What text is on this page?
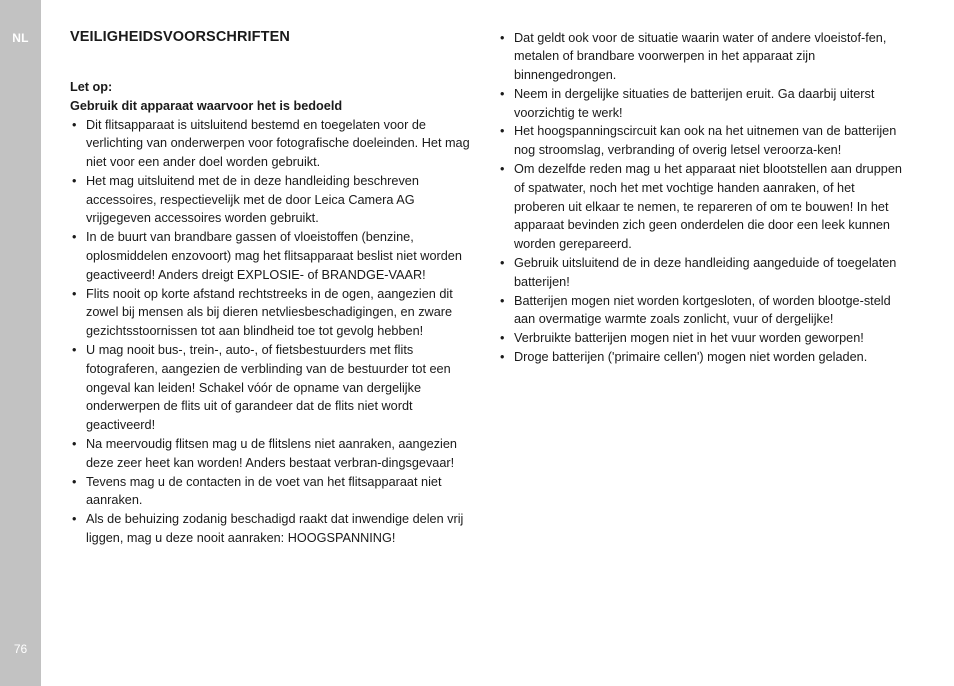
NL
76
VEILIGHEIDSVOORSCHRIFTEN
Let op:
Gebruik dit apparaat waarvoor het is bedoeld
• Dit flitsapparaat is uitsluitend bestemd en toegelaten voor de verlichting van onderwerpen voor fotografische doeleinden. Het mag niet voor een ander doel worden gebruikt.
• Het mag uitsluitend met de in deze handleiding beschreven accessoires, respectievelijk met de door Leica Camera AG vrijgegeven accessoires worden gebruikt.
• In de buurt van brandbare gassen of vloeistoffen (benzine, oplosmiddelen enzovoort) mag het flitsapparaat beslist niet worden geactiveerd! Anders dreigt EXPLOSIE- of BRANDGE-VAAR!
• Flits nooit op korte afstand rechtstreeks in de ogen, aangezien dit zowel bij mensen als bij dieren netvliesbeschadigingen, en zware gezichtsstoornissen tot aan blindheid toe tot gevolg hebben!
• U mag nooit bus-, trein-, auto-, of fietsbestuurders met flits fotograferen, aangezien de verblinding van de bestuurder tot een ongeval kan leiden! Schakel vóór de opname van dergelijke onderwerpen de flits uit of garandeer dat de flits niet wordt geactiveerd!
• Na meervoudig flitsen mag u de flitslens niet aanraken, aangezien deze zeer heet kan worden! Anders bestaat verbran-dingsgevaar!
• Tevens mag u de contacten in de voet van het flitsapparaat niet aanraken.
• Als de behuizing zodanig beschadigd raakt dat inwendige delen vrij liggen, mag u deze nooit aanraken: HOOGSPANNING!
• Dat geldt ook voor de situatie waarin water of andere vloeistof-fen, metalen of brandbare voorwerpen in het apparaat zijn binnengedrongen.
• Neem in dergelijke situaties de batterijen eruit. Ga daarbij uiterst voorzichtig te werk!
• Het hoogspanningscircuit kan ook na het uitnemen van de batterijen nog stroomslag, verbranding of overig letsel veroorza-ken!
• Om dezelfde reden mag u het apparaat niet blootstellen aan druppen of spatwater, noch het met vochtige handen aanraken, of het proberen uit elkaar te nemen, te repareren of om te bouwen! In het apparaat bevinden zich geen onderdelen die door een leek kunnen worden gerepareerd.
• Gebruik uitsluitend de in deze handleiding aangeduide of toegelaten batterijen!
• Batterijen mogen niet worden kortgesloten, of worden blootge-steld aan overmatige warmte zoals zonlicht, vuur of dergelijke!
• Verbruikte batterijen mogen niet in het vuur worden geworpen!
• Droge batterijen ('primaire cellen') mogen niet worden geladen.
